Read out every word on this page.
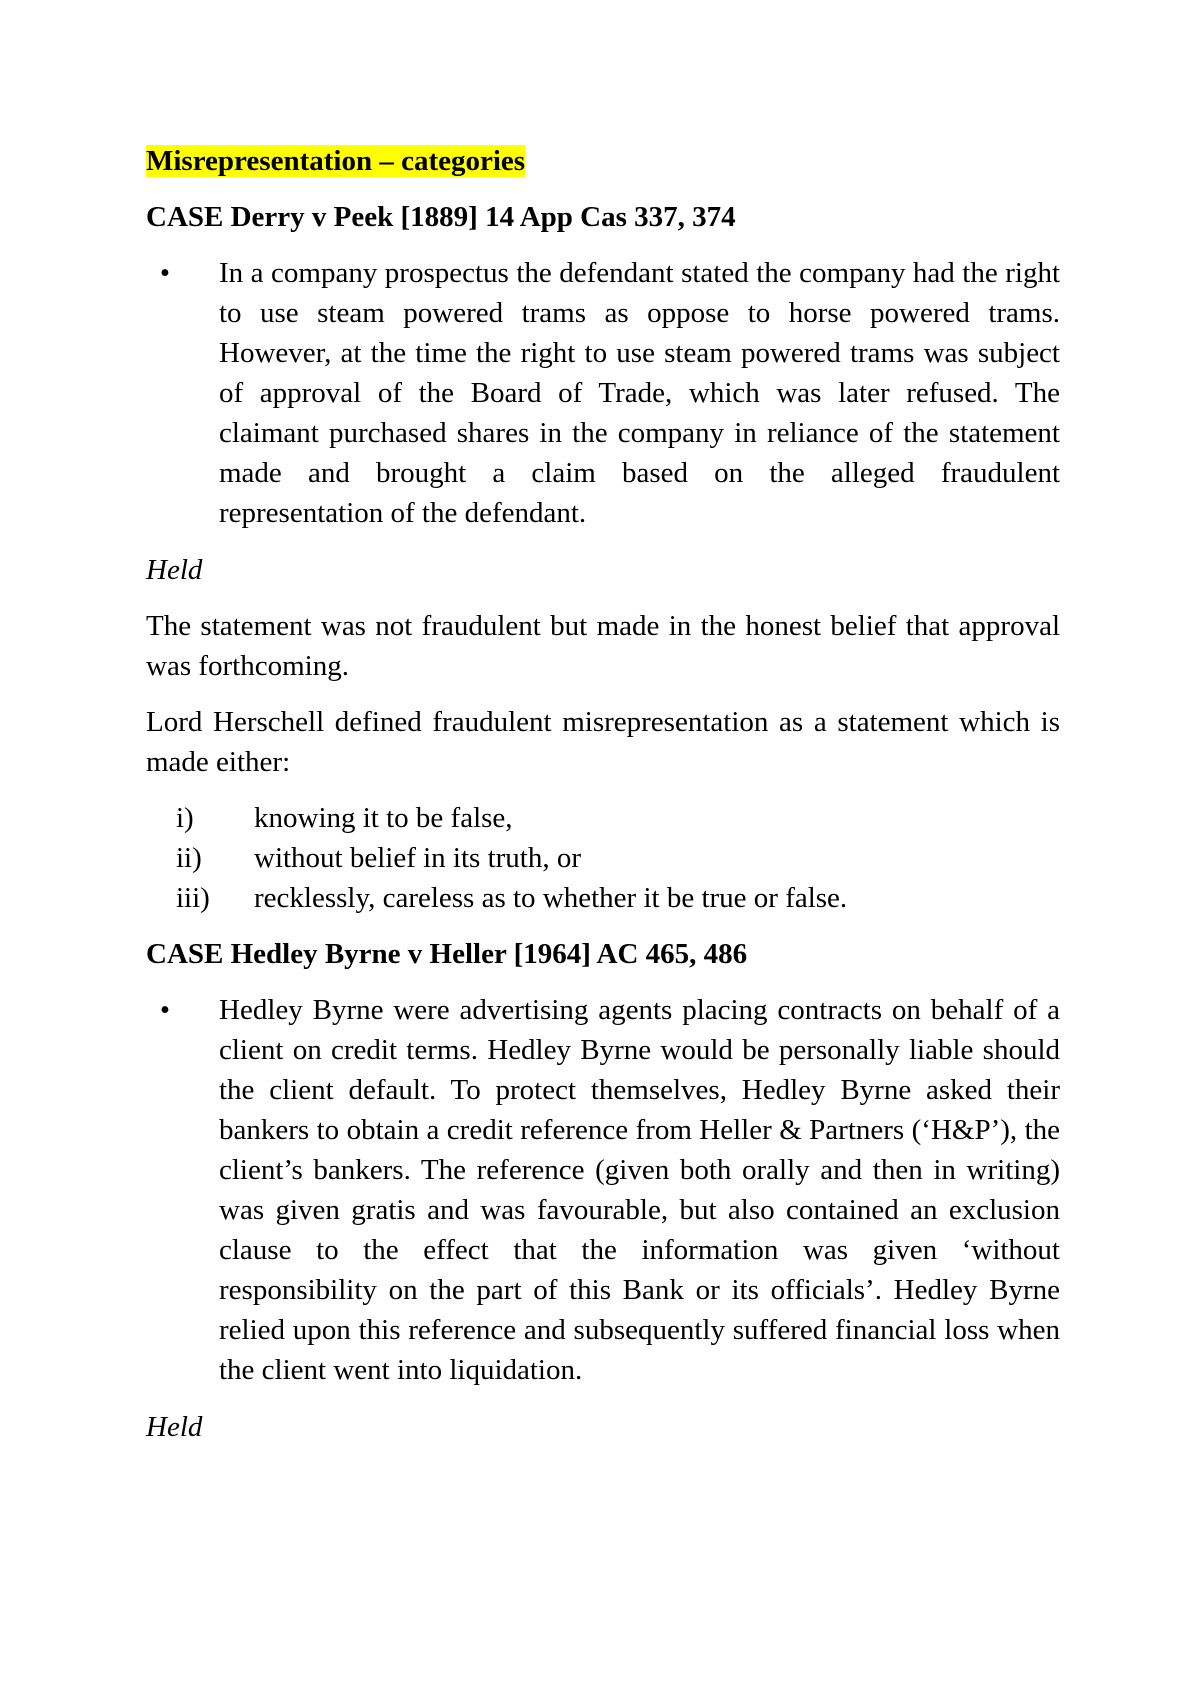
Misrepresentation – categories

CASE Derry v Peek [1889] 14 App Cas 337, 374

• In a company prospectus the defendant stated the company had the right to use steam powered trams as oppose to horse powered trams. However, at the time the right to use steam powered trams was subject of approval of the Board of Trade, which was later refused. The claimant purchased shares in the company in reliance of the statement made and brought a claim based on the alleged fraudulent representation of the defendant.

Held

The statement was not fraudulent but made in the honest belief that approval was forthcoming.

Lord Herschell defined fraudulent misrepresentation as a statement which is made either:

i) knowing it to be false,
ii) without belief in its truth, or
iii) recklessly, careless as to whether it be true or false.

CASE Hedley Byrne v Heller [1964] AC 465, 486

• Hedley Byrne were advertising agents placing contracts on behalf of a client on credit terms. Hedley Byrne would be personally liable should the client default. To protect themselves, Hedley Byrne asked their bankers to obtain a credit reference from Heller & Partners (‘H&P’), the client’s bankers. The reference (given both orally and then in writing) was given gratis and was favourable, but also contained an exclusion clause to the effect that the information was given ‘without responsibility on the part of this Bank or its officials’. Hedley Byrne relied upon this reference and subsequently suffered financial loss when the client went into liquidation.

Held
